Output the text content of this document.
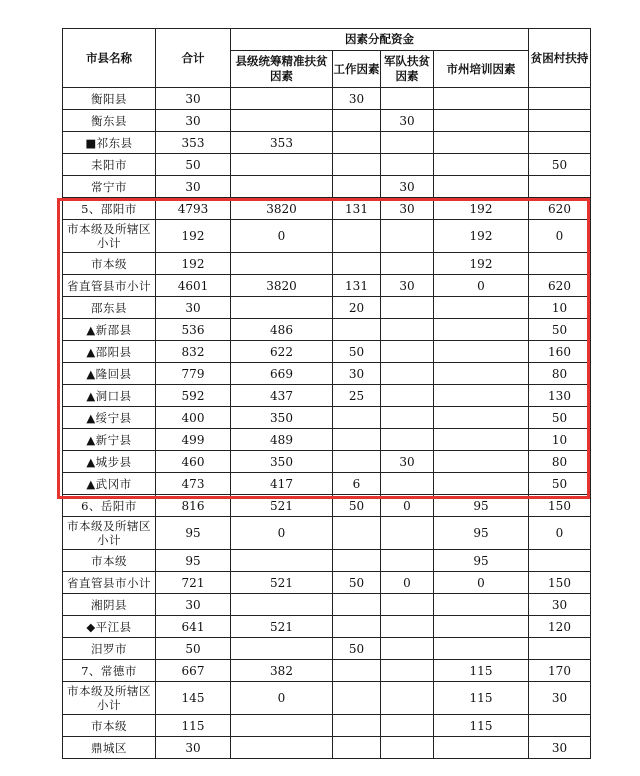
市县名称	合计	因素分配资金				贫困村扶持
		县级统筹精准扶贫因素	工作因素	军队扶贫因素	市州培训因素	
衡阳县	30		30			
衡东县	30			30		
■祁东县	353	353				
耒阳市	50					50
常宁市	30			30		
5、邵阳市	4793	3820	131	30	192	620
市本级及所辖区小计	192	0			192	0
市本级	192				192	
省直管县市小计	4601	3820	131	30	0	620
邵东县	30		20			10
▲新邵县	536	486				50
▲邵阳县	832	622	50			160
▲隆回县	779	669	30			80
▲洞口县	592	437	25			130
▲绥宁县	400	350				50
▲新宁县	499	489				10
▲城步县	460	350		30		80
▲武冈市	473	417	6			50
6、岳阳市	816	521	50	0	95	150
市本级及所辖区小计	95	0			95	0
市本级	95				95	
省直管县市小计	721	521	50	0	0	150
湘阴县	30					30
◆平江县	641	521				120
汨罗市	50		50			
7、常德市	667	382			115	170
市本级及所辖区小计	145	0			115	30
市本级	115				115	
鼎城区	30					30
